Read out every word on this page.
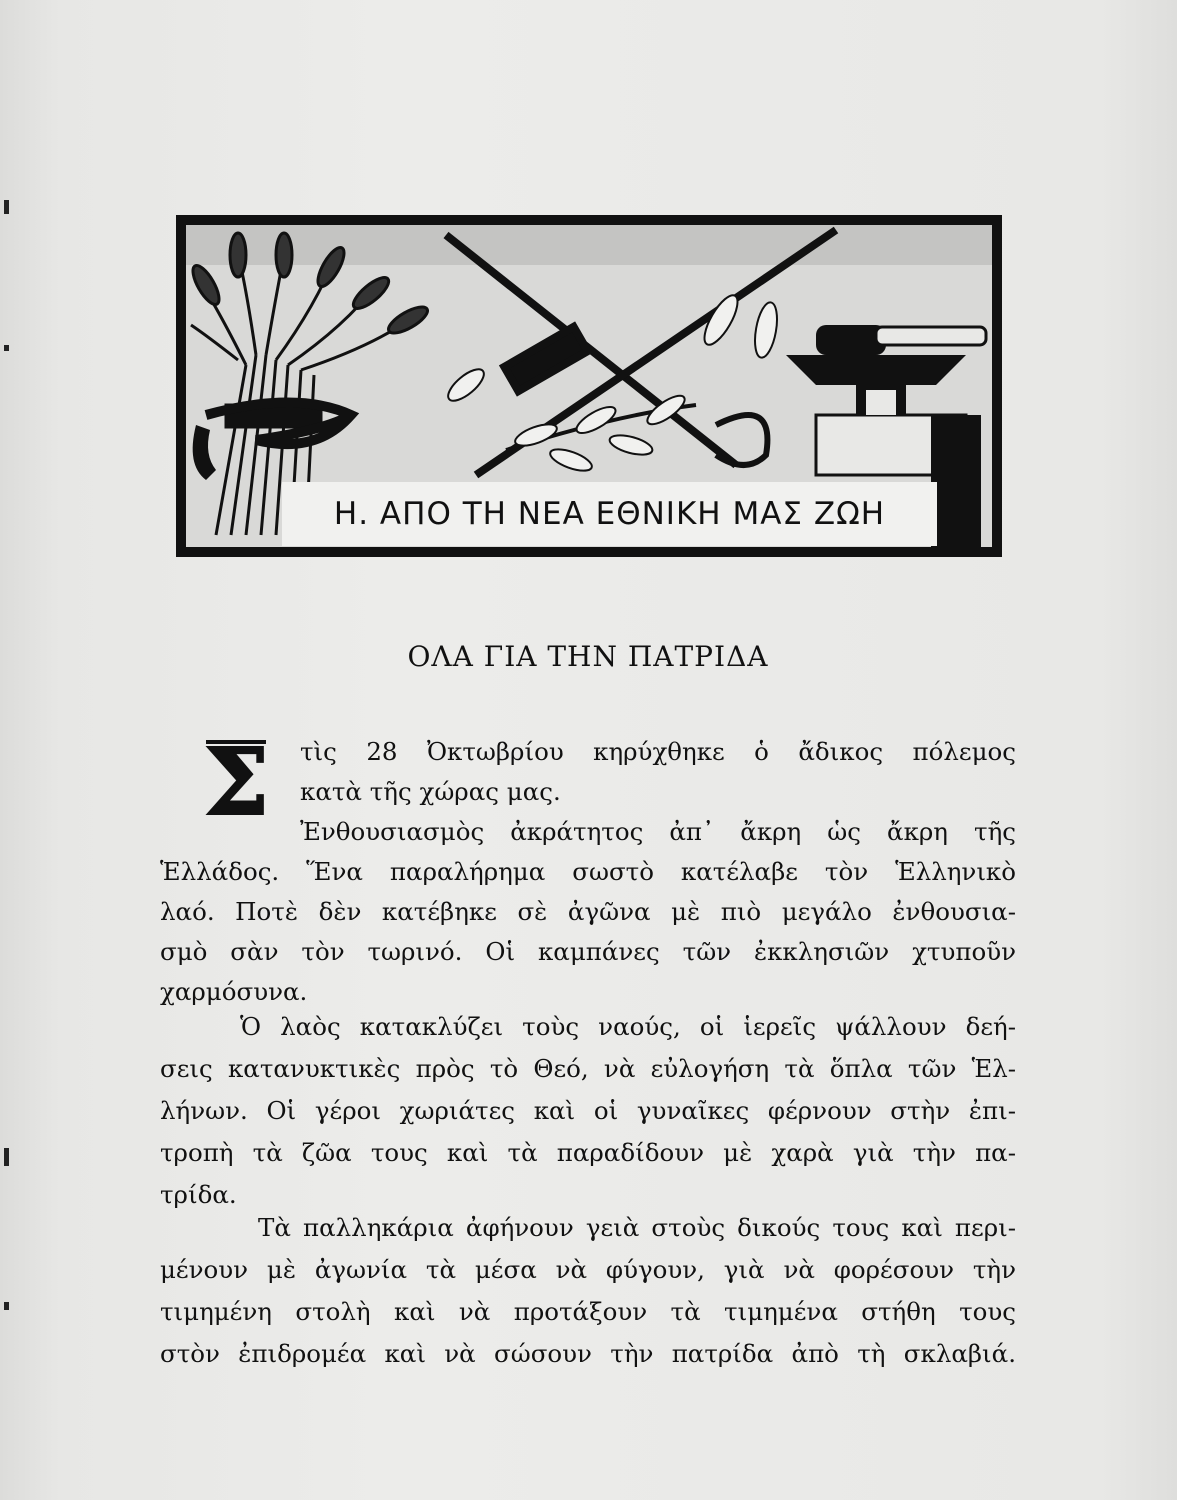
Η. ΑΠΟ ΤΗ ΝΕΑ ΕΘΝΙΚΗ ΜΑΣ ΖΩΗ
ΟΛΑ ΓΙΑ ΤΗΝ ΠΑΤΡΙΔΑ
Σ τὶς 28 Ὀκτωβρίου κηρύχθηκε ὁ ἄδικος πόλεμος
κατὰ τῆς χώρας μας.
Ἐνθουσιασμὸς ἀκράτητος ἀπ᾿ ἄκρη ὡς ἄκρη τῆς
Ἑλλάδος. Ἕνα παραλήρημα σωστὸ κατέλαβε τὸν Ἑλληνικὸ
λαό. Ποτὲ δὲν κατέβηκε σὲ ἀγῶνα μὲ πιὸ μεγάλο ἐνθουσια-
σμὸ σὰν τὸν τωρινό. Οἱ καμπάνες τῶν ἐκκλησιῶν χτυποῦν
χαρμόσυνα.
Ὁ λαὸς κατακλύζει τοὺς ναούς, οἱ ἱερεῖς ψάλλουν δεή-
σεις κατανυκτικὲς πρὸς τὸ Θεό, νὰ εὐλογήση τὰ ὅπλα τῶν Ἑλ-
λήνων. Οἱ γέροι χωριάτες καὶ οἱ γυναῖκες φέρνουν στὴν ἐπι-
τροπὴ τὰ ζῶα τους καὶ τὰ παραδίδουν μὲ χαρὰ γιὰ τὴν πα-
τρίδα.
Τὰ παλληκάρια ἀφήνουν γειὰ στοὺς δικούς τους καὶ περι-
μένουν μὲ ἀγωνία τὰ μέσα νὰ φύγουν, γιὰ νὰ φορέσουν τὴν
τιμημένη στολὴ καὶ νὰ προτάξουν τὰ τιμημένα στήθη τους
στὸν ἐπιδρομέα καὶ νὰ σώσουν τὴν πατρίδα ἀπὸ τὴ σκλαβιά.
